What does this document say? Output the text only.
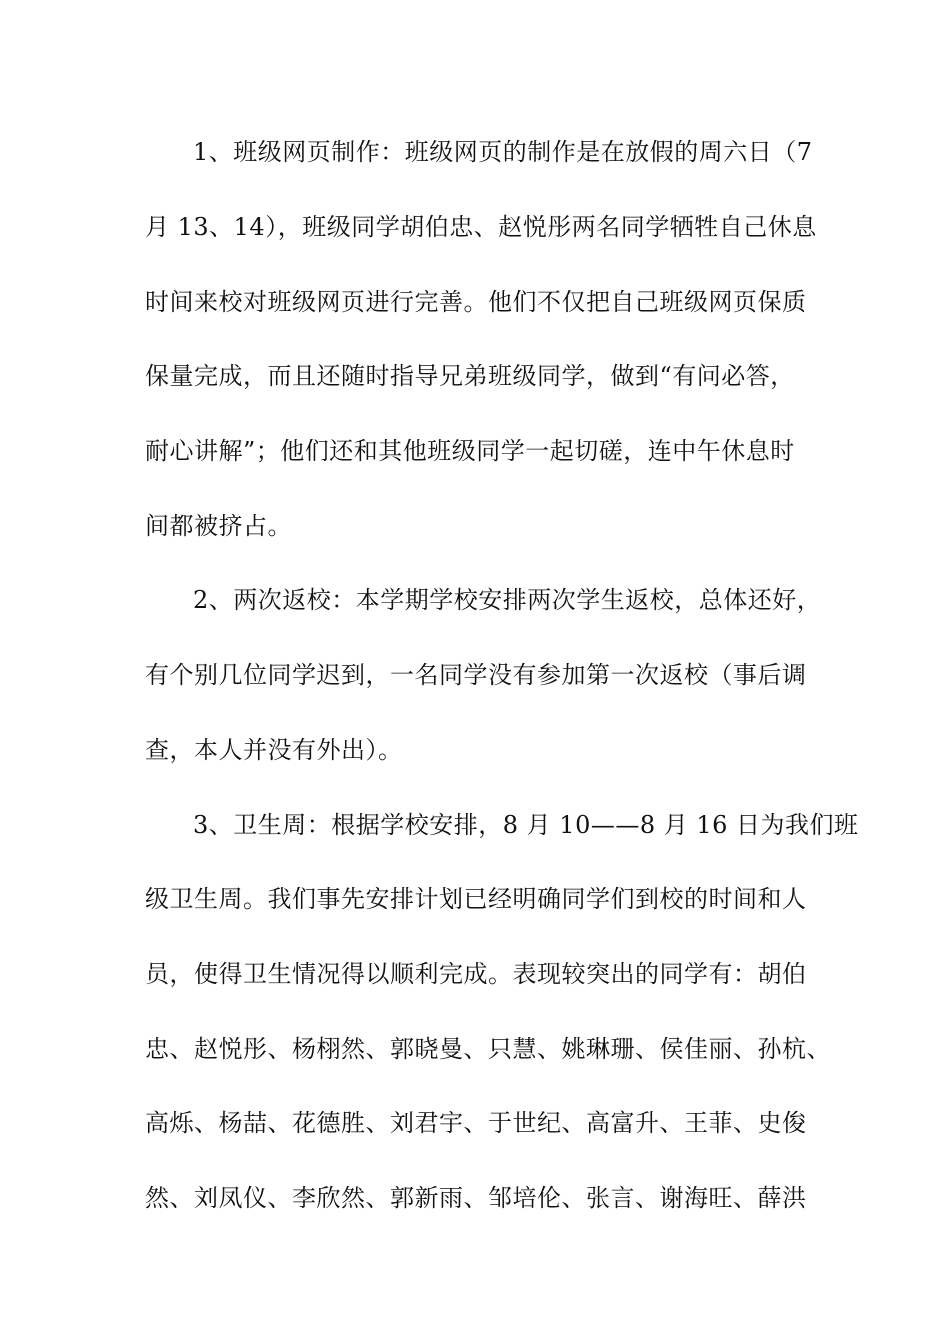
1、班级网页制作：班级网页的制作是在放假的周六日（7
月 13、14），班级同学胡伯忠、赵悦彤两名同学牺牲自己休息
时间来校对班级网页进行完善。他们不仅把自己班级网页保质
保量完成，而且还随时指导兄弟班级同学，做到“有问必答，
耐心讲解”；他们还和其他班级同学一起切磋，连中午休息时
间都被挤占。
2、两次返校：本学期学校安排两次学生返校，总体还好，
有个别几位同学迟到，一名同学没有参加第一次返校（事后调
查，本人并没有外出）。
3、卫生周：根据学校安排，8 月 10——8 月 16 日为我们班
级卫生周。我们事先安排计划已经明确同学们到校的时间和人
员，使得卫生情况得以顺利完成。表现较突出的同学有：胡伯
忠、赵悦彤、杨栩然、郭晓曼、只慧、姚琳珊、侯佳丽、孙杭、
高烁、杨喆、花德胜、刘君宇、于世纪、高富升、王菲、史俊
然、刘凤仪、李欣然、郭新雨、邹培伦、张言、谢海旺、薛洪
